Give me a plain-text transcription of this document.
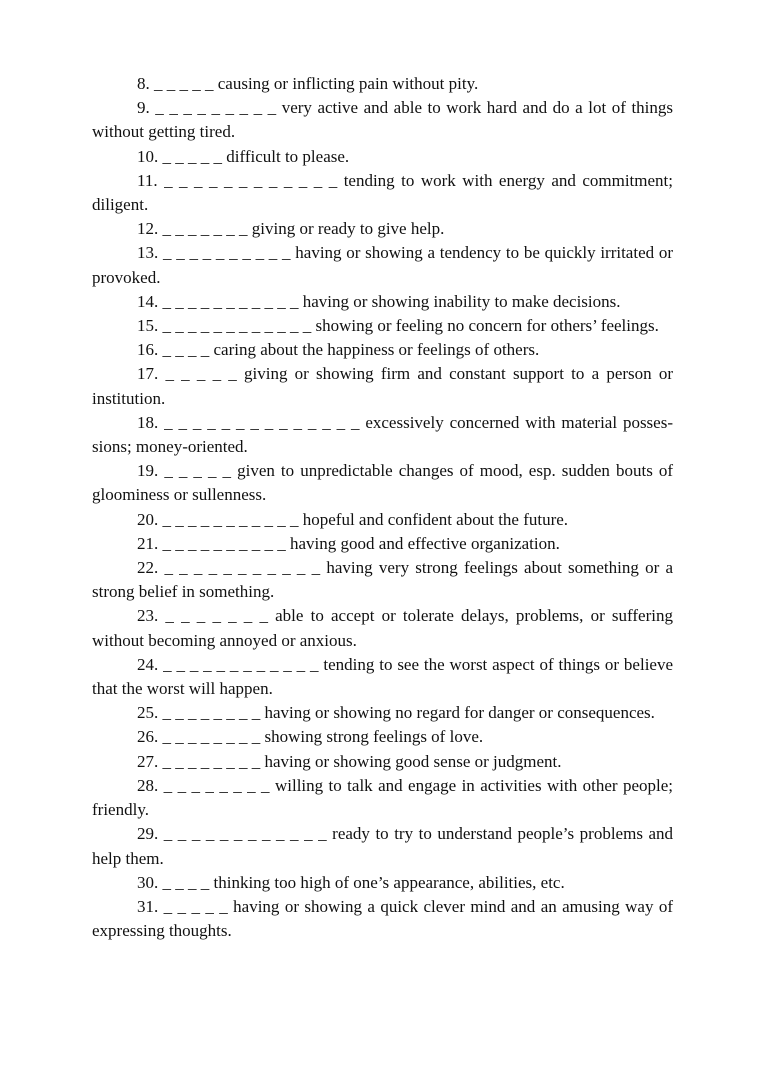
8. _ _ _ _ _ causing or inflicting pain without pity.

9. _ _ _ _ _ _ _ _ _ very active and able to work hard and do a lot of things without getting tired.

10. _ _ _ _ _ difficult to please.

11. _ _ _ _ _ _ _ _ _ _ _ _ tending to work with energy and commitment; diligent.

12. _ _ _ _ _ _ _ giving or ready to give help.

13. _ _ _ _ _ _ _ _ _ _ having or showing a tendency to be quickly irritated or provoked.

14. _ _ _ _ _ _ _ _ _ _ _ having or showing inability to make decisions.

15. _ _ _ _ _ _ _ _ _ _ _ _ showing or feeling no concern for others’ feelings.

16. _ _ _ _ caring about the happiness or feelings of others.

17. _ _ _ _ _ giving or showing firm and constant support to a person or institution.

18. _ _ _ _ _ _ _ _ _ _ _ _ _ _ excessively concerned with material possessions; money-oriented.

19. _ _ _ _ _ given to unpredictable changes of mood, esp. sudden bouts of gloominess or sullenness.

20. _ _ _ _ _ _ _ _ _ _ _ hopeful and confident about the future.

21. _ _ _ _ _ _ _ _ _ _ having good and effective organization.

22. _ _ _ _ _ _ _ _ _ _ _ having very strong feelings about something or a strong belief in something.

23. _ _ _ _ _ _ _ able to accept or tolerate delays, problems, or suffering without becoming annoyed or anxious.

24. _ _ _ _ _ _ _ _ _ _ _ _ tending to see the worst aspect of things or believe that the worst will happen.

25. _ _ _ _ _ _ _ _ having or showing no regard for danger or consequences.

26. _ _ _ _ _ _ _ _ showing strong feelings of love.

27. _ _ _ _ _ _ _ _ having or showing good sense or judgment.

28. _ _ _ _ _ _ _ _ willing to talk and engage in activities with other people; friendly.

29. _ _ _ _ _ _ _ _ _ _ _ _ ready to try to understand people’s problems and help them.

30. _ _ _ _ thinking too high of one’s appearance, abilities, etc.

31. _ _ _ _ _ having or showing a quick clever mind and an amusing way of expressing thoughts.
